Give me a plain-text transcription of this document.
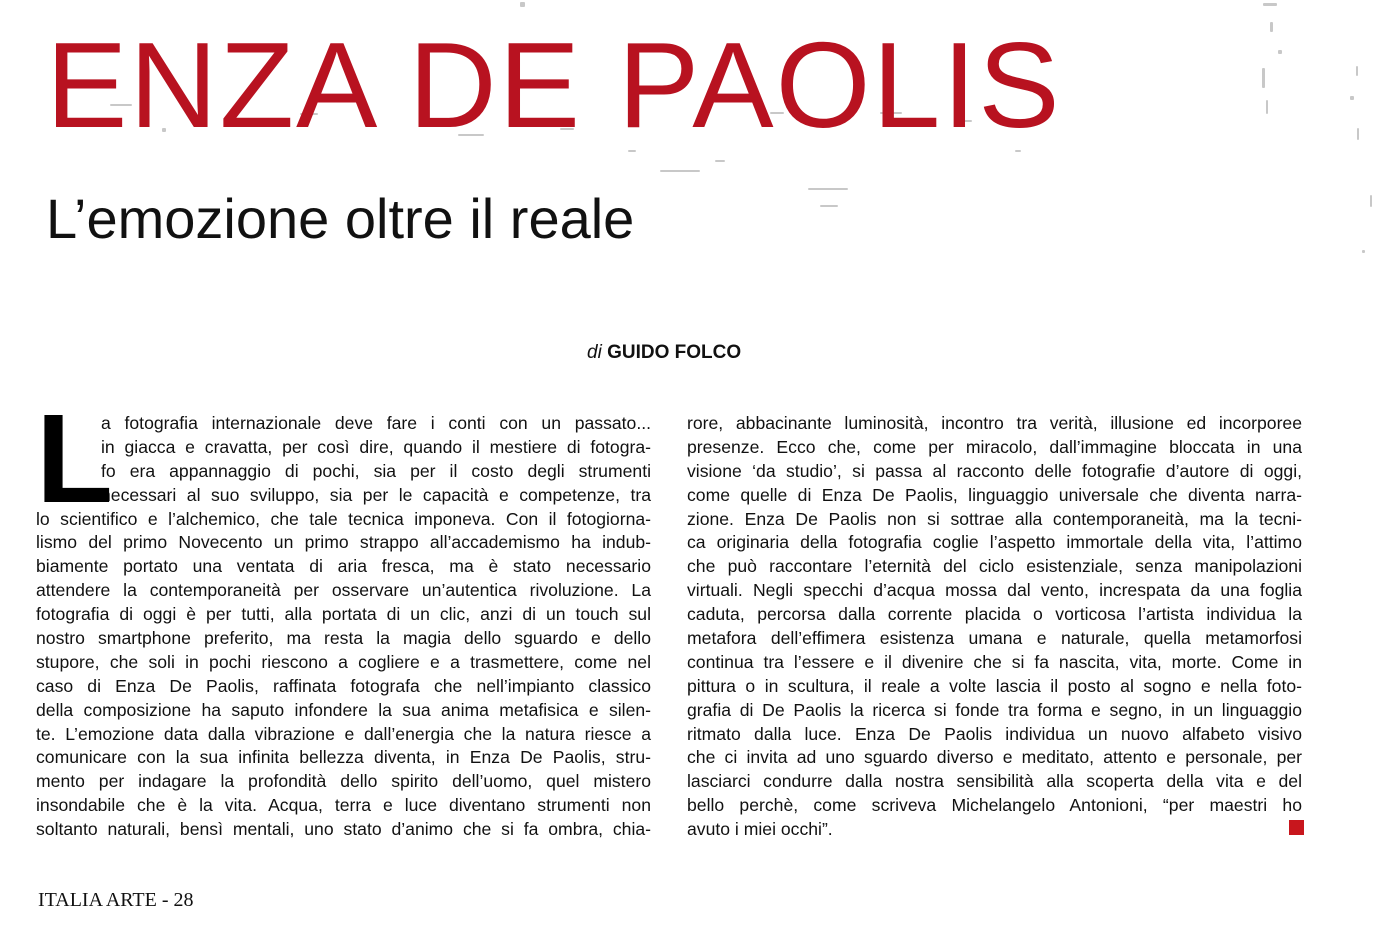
ENZA DE PAOLIS
L’emozione oltre il reale
di GUIDO FOLCO
L
a fotografia internazionale deve fare i conti con un passato...
in giacca e cravatta, per così dire, quando il mestiere di fotogra-
fo era appannaggio di pochi, sia per il costo degli strumenti
necessari al suo sviluppo, sia per le capacità e competenze, tra
lo scientifico e l’alchemico, che tale tecnica imponeva. Con il fotogiorna-
lismo del primo Novecento un primo strappo all’accademismo ha indub-
biamente portato una ventata di aria fresca, ma è stato necessario
attendere la contemporaneità per osservare un’autentica rivoluzione. La
fotografia di oggi è per tutti, alla portata di un clic, anzi di un touch sul
nostro smartphone preferito, ma resta la magia dello sguardo e dello
stupore, che soli in pochi riescono a cogliere e a trasmettere, come nel
caso di Enza De Paolis, raffinata fotografa che nell’impianto classico
della composizione ha saputo infondere la sua anima metafisica e silen-
te. L’emozione data dalla vibrazione e dall’energia che la natura riesce a
comunicare con la sua infinita bellezza diventa, in Enza De Paolis, stru-
mento per indagare la profondità dello spirito dell’uomo, quel mistero
insondabile che è la vita. Acqua, terra e luce diventano strumenti non
soltanto naturali, bensì mentali, uno stato d’animo che si fa ombra, chia-
rore, abbacinante luminosità, incontro tra verità, illusione ed incorporee
presenze. Ecco che, come per miracolo, dall’immagine bloccata in una
visione ‘da studio’, si passa al racconto delle fotografie d’autore di oggi,
come quelle di Enza De Paolis, linguaggio universale che diventa narra-
zione. Enza De Paolis non si sottrae alla contemporaneità, ma la tecni-
ca originaria della fotografia coglie l’aspetto immortale della vita, l’attimo
che può raccontare l’eternità del ciclo esistenziale, senza manipolazioni
virtuali. Negli specchi d’acqua mossa dal vento, increspata da una foglia
caduta, percorsa dalla corrente placida o vorticosa l’artista individua la
metafora dell’effimera esistenza umana e naturale, quella metamorfosi
continua tra l’essere e il divenire che si fa nascita, vita, morte. Come in
pittura o in scultura, il reale a volte lascia il posto al sogno e nella foto-
grafia di De Paolis la ricerca si fonde tra forma e segno, in un linguaggio
ritmato dalla luce. Enza De Paolis individua un nuovo alfabeto visivo
che ci invita ad uno sguardo diverso e meditato, attento e personale, per
lasciarci condurre dalla nostra sensibilità alla scoperta della vita e del
bello perchè, come scriveva Michelangelo Antonioni, “per maestri ho
avuto i miei occhi”.
ITALIA ARTE - 28
